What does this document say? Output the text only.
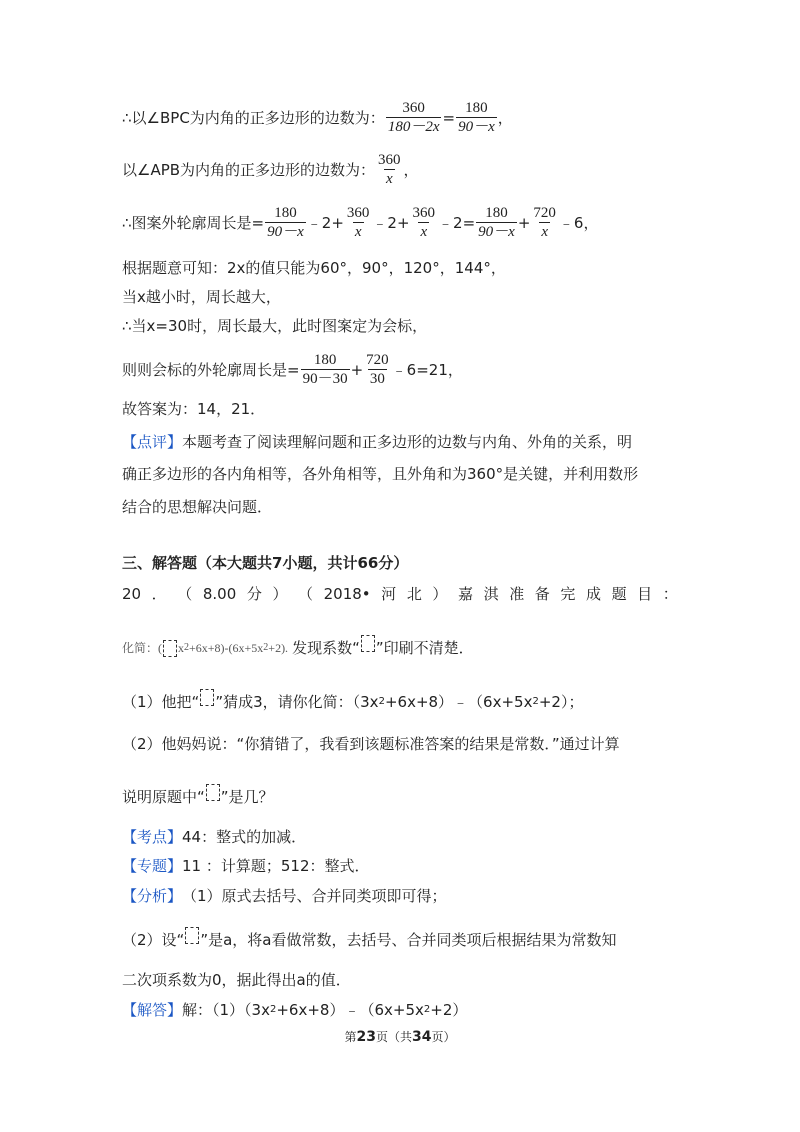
∴以∠BPC为内角的正多边形的边数为： $\frac{360}{180-2x} = \frac{180}{90-x}$ ，
以∠APB为内角的正多边形的边数为： $\frac{360}{x}$ ，
∴图案外轮廓周长是= $\frac{180}{90-x}$ ﹣2+ $\frac{360}{x}$ ﹣2+ $\frac{360}{x}$ ﹣2= $\frac{180}{90-x} + \frac{720}{x}$ ﹣6，
根据题意可知：2x的值只能为60°，90°，120°，144°，
当x越小时，周长越大，
∴当x=30时，周长最大，此时图案定为会标，
则则会标的外轮廓周长是= $\frac{180}{90-30} + \frac{720}{30}$ ﹣6=21，
故答案为：14，21．
【点评】 本题考查了阅读理解问题和正多边形的边数与内角、外角的关系，明
确正多边形的各内角相等，各外角相等，且外角和为360°是关键，并利用数形
结合的思想解决问题．
三、解答题（本大题共7小题，共计66分）
20 ． （ 8.00 分 ） （ 2018• 河 北 ） 嘉 淇 准 备 完 成 题 目 ：
化简：( x 2 +6x+8)-(6x+5x 2 +2). 发现系数“ ”印刷不清楚．
（1）他把“ ”猜成3，请你化简：（3x 2 +6x+8）﹣（6x+5x 2 +2）；
（2）他妈妈说：“你猜错了，我看到该题标准答案的结果是常数．”通过计算
说明原题中“ ”是几？
【考点】 44：整式的加减．
【专题】 11 ：计算题；512：整式．
【分析】 （1）原式去括号、合并同类项即可得；
（2）设“ ”是a，将a看做常数，去括号、合并同类项后根据结果为常数知
二次项系数为0，据此得出a的值．
【解答】 解：（1）（3x 2 +6x+8）﹣（6x+5x 2 +2）
第23页（共34页）
